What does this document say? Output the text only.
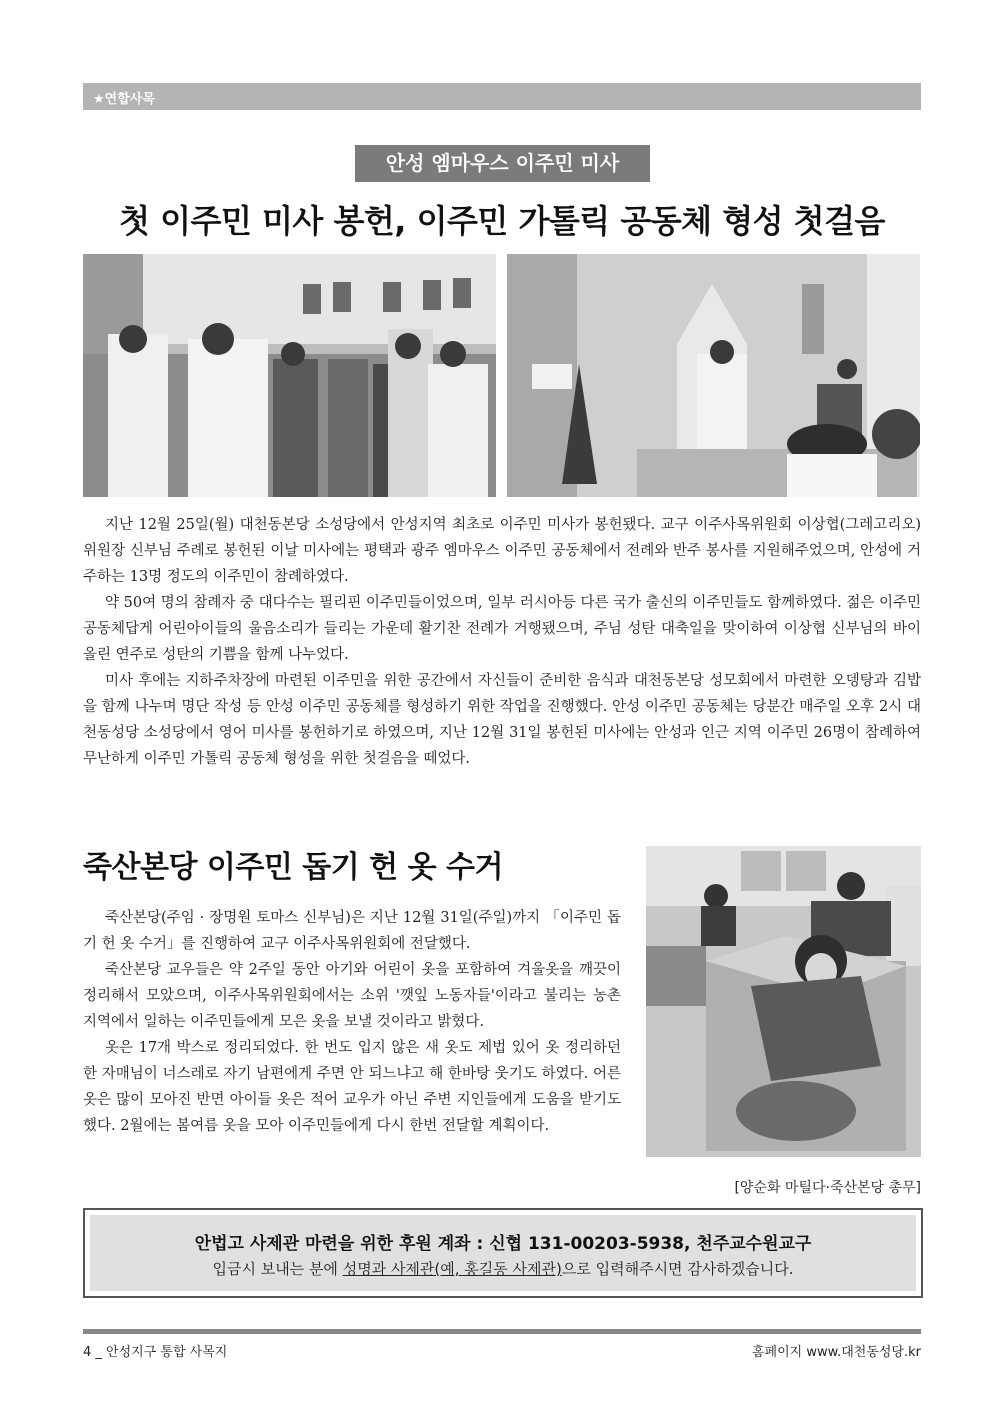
★연합사목
안성 엠마우스 이주민 미사
첫 이주민 미사 봉헌, 이주민 가톨릭 공동체 형성 첫걸음

지난 12월 25일(월) 대천동본당 소성당에서 안성지역 최초로 이주민 미사가 봉헌됐다. 교구 이주사목위원회 이상협(그레고리오) 위원장 신부님 주례로 봉헌된 이날 미사에는 평택과 광주 엠마우스 이주민 공동체에서 전례와 반주 봉사를 지원해주었으며, 안성에 거주하는 13명 정도의 이주민이 참례하였다.

약 50여 명의 참례자 중 대다수는 필리핀 이주민들이었으며, 일부 러시아등 다른 국가 출신의 이주민들도 함께하였다. 젊은 이주민 공동체답게 어린아이들의 울음소리가 들리는 가운데 활기찬 전례가 거행됐으며, 주님 성탄 대축일을 맞이하여 이상협 신부님의 바이올린 연주로 성탄의 기쁨을 함께 나누었다.

미사 후에는 지하주차장에 마련된 이주민을 위한 공간에서 자신들이 준비한 음식과 대천동본당 성모회에서 마련한 오뎅탕과 김밥을 함께 나누며 명단 작성 등 안성 이주민 공동체를 형성하기 위한 작업을 진행했다. 안성 이주민 공동체는 당분간 매주일 오후 2시 대천동성당 소성당에서 영어 미사를 봉헌하기로 하였으며, 지난 12월 31일 봉헌된 미사에는 안성과 인근 지역 이주민 26명이 참례하여 무난하게 이주민 가톨릭 공동체 형성을 위한 첫걸음을 떼었다.

죽산본당 이주민 돕기 헌 옷 수거

죽산본당(주임 · 장명원 토마스 신부님)은 지난 12월 31일(주일)까지 「이주민 돕기 헌 옷 수거」를 진행하여 교구 이주사목위원회에 전달했다.

죽산본당 교우들은 약 2주일 동안 아기와 어린이 옷을 포함하여 겨울옷을 깨끗이 정리해서 모았으며, 이주사목위원회에서는 소위 '깻잎 노동자들'이라고 불리는 농촌 지역에서 일하는 이주민들에게 모은 옷을 보낼 것이라고 밝혔다.

옷은 17개 박스로 정리되었다. 한 번도 입지 않은 새 옷도 제법 있어 옷 정리하던 한 자매님이 너스레로 자기 남편에게 주면 안 되느냐고 해 한바탕 웃기도 하였다. 어른 옷은 많이 모아진 반면 아이들 옷은 적어 교우가 아닌 주변 지인들에게 도움을 받기도 했다. 2월에는 봄여름 옷을 모아 이주민들에게 다시 한번 전달할 계획이다.

[양순화 마틸다·죽산본당 총무]
안법고 사제관 마련을 위한 후원 계좌 : 신협 131-00203-5938, 천주교수원교구
입금시 보내는 분에 성명과 사제관(예, 홍길동 사제관)으로 입력해주시면 감사하겠습니다.
4 _ 안성지구 통합 사목지	홈페이지 www.대천동성당.kr
